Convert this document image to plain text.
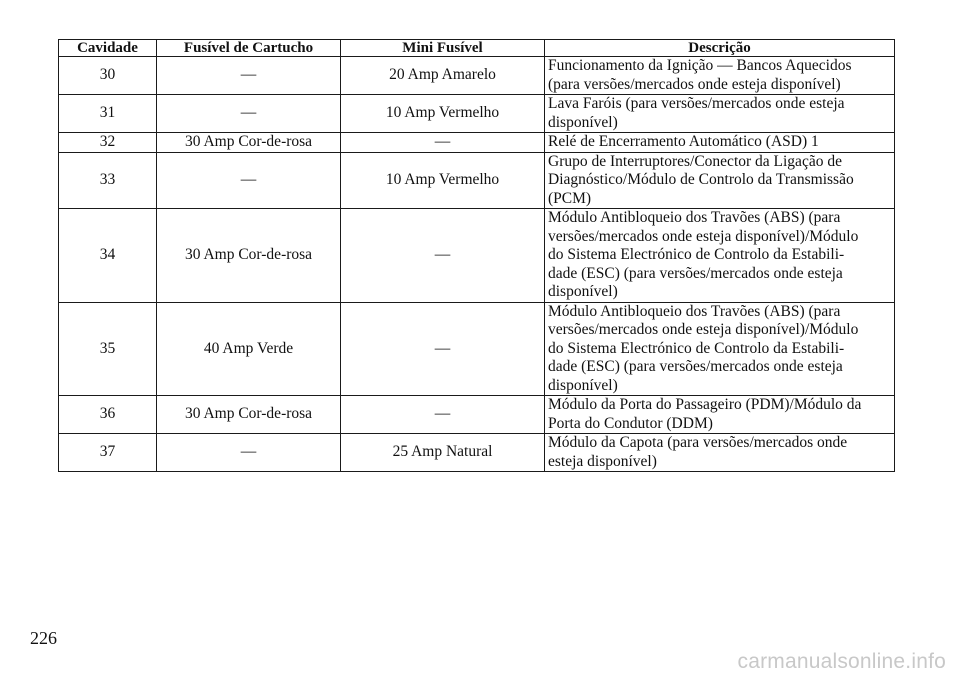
Cavidade	Fusível de Cartucho	Mini Fusível	Descrição
30	—	20 Amp Amarelo	Funcionamento da Ignição — Bancos Aquecidos
(para versões/mercados onde esteja disponível)

31	—	10 Amp Vermelho	Lava Faróis (para versões/mercados onde esteja
disponível)

32	30 Amp Cor-de-rosa	—	Relé de Encerramento Automático (ASD) 1

33	—	10 Amp Vermelho	Grupo de Interruptores/Conector da Ligação de
Diagnóstico/Módulo de Controlo da Transmissão
(PCM)

34	30 Amp Cor-de-rosa	—	Módulo Antibloqueio dos Travões (ABS) (para
versões/mercados onde esteja disponível)/Módulo
do Sistema Electrónico de Controlo da Estabili-
dade (ESC) (para versões/mercados onde esteja
disponível)

35	40 Amp Verde	—	Módulo Antibloqueio dos Travões (ABS) (para
versões/mercados onde esteja disponível)/Módulo
do Sistema Electrónico de Controlo da Estabili-
dade (ESC) (para versões/mercados onde esteja
disponível)

36	30 Amp Cor-de-rosa	—	Módulo da Porta do Passageiro (PDM)/Módulo da
Porta do Condutor (DDM)

37	—	25 Amp Natural	Módulo da Capota (para versões/mercados onde
esteja disponível)
226
carmanualsonline.info
